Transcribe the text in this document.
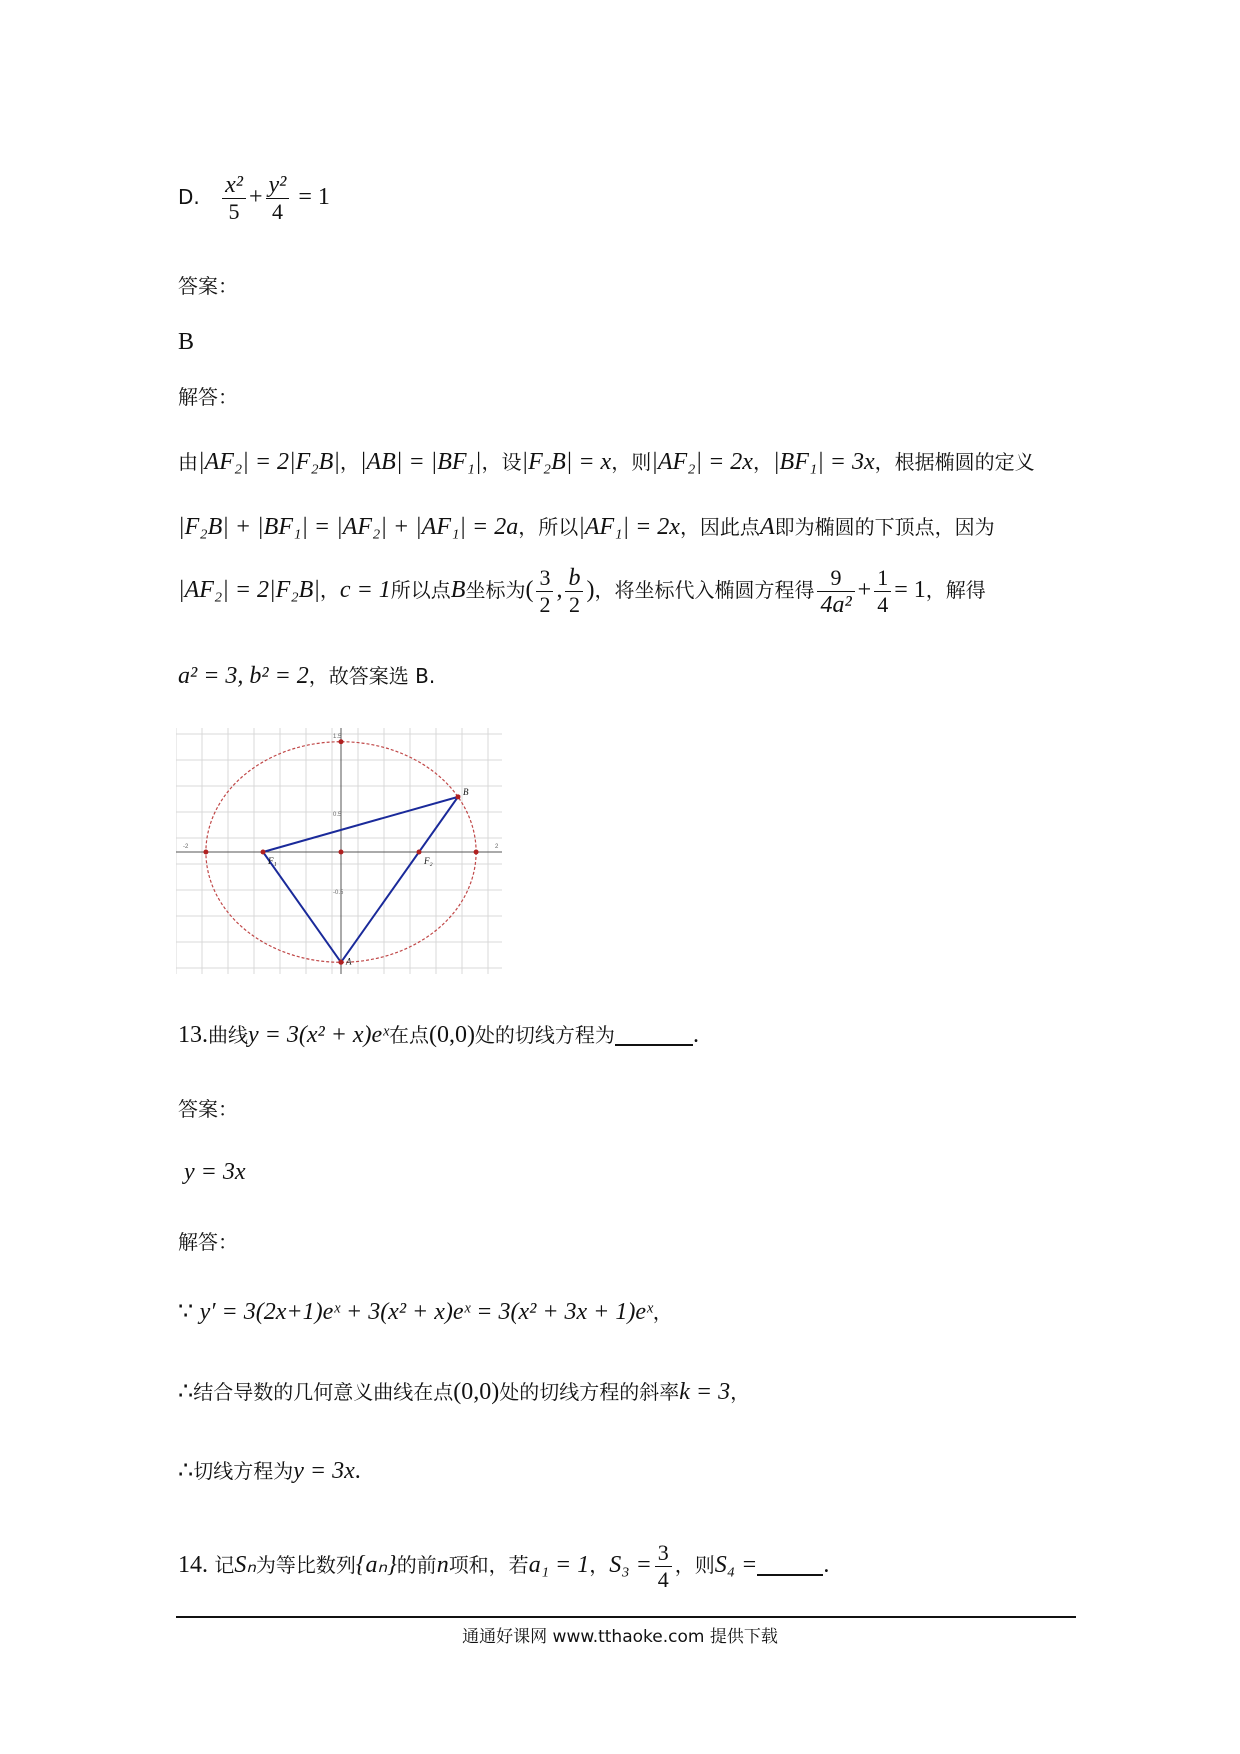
D. $\frac{\text{x²}}{5} + \frac{\text{y²}}{4} = 1$
答案：
B
解答：
由|AF₂| = 2|F₂B|，|AB| = |BF₁|，设|F₂B| = x，则|AF₂| = 2x，|BF₁| = 3x，根据椭圆的定义
|F₂B| + |BF₁| = |AF₂| + |AF₁| = 2a，所以|AF₁| = 2x，因此点A即为椭圆的下顶点，因为
|AF₂| = 2|F₂B|，c = 1所以点B坐标为( $\frac{3}{2}$ , $\frac{b}{2}$ )，将坐标代入椭圆方程得 $\frac{9}{\text{4a²}} + \frac{1}{4} = 1$，解得
a² = 3, b² = 2，故答案选 B.
F₁	F₂
B
A
-2	2
1.5
0.5
-0.5
13.曲线y = 3(x² + x)eˣ在点(0,0)处的切线方程为	.
答案：
y = 3x
解答：
∵ y′ = 3(2x+1)eˣ + 3(x² + x)eˣ = 3(x² + 3x + 1)eˣ，
∴结合导数的几何意义曲线在点(0,0)处的切线方程的斜率k = 3，
∴切线方程为y = 3x.
14. 记Sₙ为等比数列{aₙ}的前n项和，若a₁ = 1，$S_3 = \frac{3}{4}$ ，则S₄ =	.
通通好课网 www.tthaoke.com 提供下载
